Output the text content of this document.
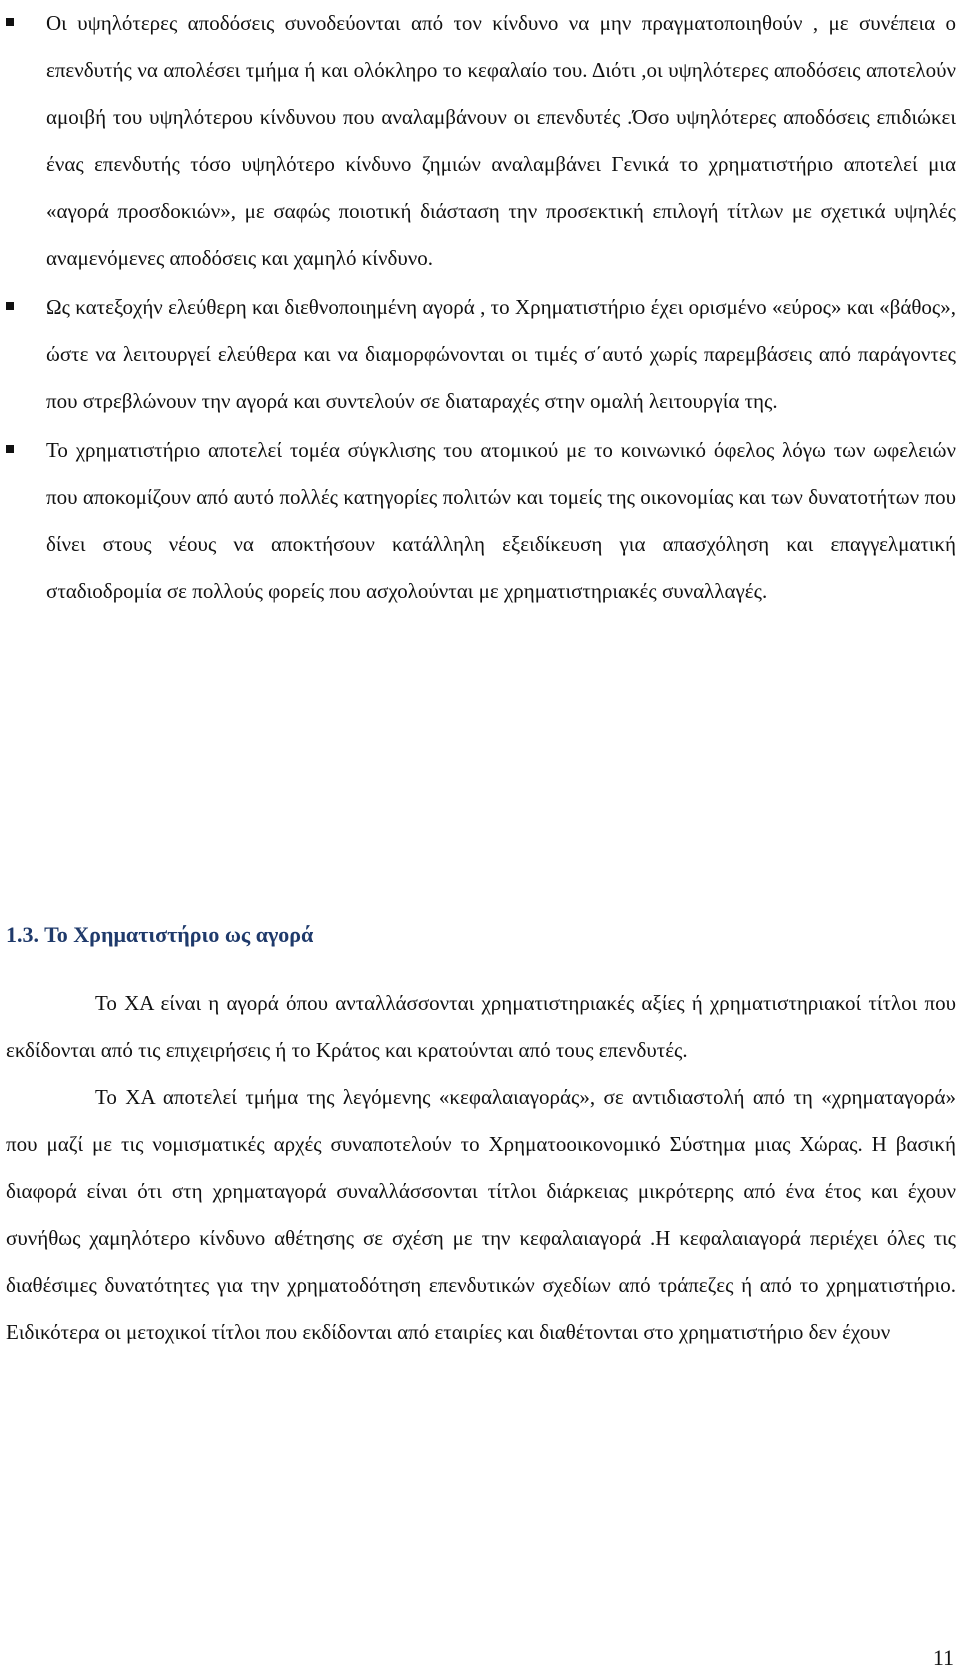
Οι υψηλότερες αποδόσεις συνοδεύονται από τον κίνδυνο να μην πραγματοποιηθούν , με συνέπεια ο επενδυτής να απολέσει τμήμα ή και ολόκληρο το κεφαλαίο του. Διότι ,οι υψηλότερες αποδόσεις αποτελούν αμοιβή του υψηλότερου κίνδυνου που αναλαμβάνουν οι επενδυτές .Όσο υψηλότερες αποδόσεις επιδιώκει ένας επενδυτής τόσο υψηλότερο κίνδυνο ζημιών αναλαμβάνει Γενικά το χρηματιστήριο αποτελεί μια «αγορά προσδοκιών», με σαφώς ποιοτική διάσταση την προσεκτική επιλογή τίτλων με σχετικά υψηλές αναμενόμενες αποδόσεις και χαμηλό κίνδυνο.

Ως κατεξοχήν ελεύθερη και διεθνοποιημένη αγορά , το Χρηματιστήριο έχει ορισμένο «εύρος» και «βάθος», ώστε να λειτουργεί ελεύθερα και να διαμορφώνονται οι τιμές σ΄αυτό χωρίς παρεμβάσεις από παράγοντες που στρεβλώνουν την αγορά και συντελούν σε διαταραχές στην ομαλή λειτουργία της.

Το χρηματιστήριο αποτελεί τομέα σύγκλισης του ατομικού με το κοινωνικό όφελος λόγω των ωφελειών που αποκομίζουν από αυτό πολλές κατηγορίες πολιτών και τομείς της οικονομίας και των δυνατοτήτων που δίνει στους νέους να αποκτήσουν κατάλληλη εξειδίκευση για απασχόληση και επαγγελματική σταδιοδρομία σε πολλούς φορείς που ασχολούνται με χρηματιστηριακές συναλλαγές.

1.3. Το Χρηματιστήριο ως αγορά

Το ΧΑ είναι η αγορά όπου ανταλλάσσονται χρηματιστηριακές αξίες ή χρηματιστηριακοί τίτλοι που εκδίδονται από τις επιχειρήσεις ή το Κράτος και κρατούνται από τους επενδυτές.

Το ΧΑ αποτελεί τμήμα της λεγόμενης «κεφαλαιαγοράς», σε αντιδιαστολή από τη «χρηματαγορά» που μαζί με τις νομισματικές αρχές συναποτελούν το Χρηματοοικονομικό Σύστημα μιας Χώρας. Η βασική διαφορά είναι ότι στη χρηματαγορά συναλλάσσονται τίτλοι διάρκειας μικρότερης από ένα έτος και έχουν συνήθως χαμηλότερο κίνδυνο αθέτησης σε σχέση με την κεφαλαιαγορά .Η κεφαλαιαγορά περιέχει όλες τις διαθέσιμες δυνατότητες για την χρηματοδότηση επενδυτικών σχεδίων από τράπεζες ή από το χρηματιστήριο. Ειδικότερα οι μετοχικοί τίτλοι που εκδίδονται από εταιρίες και διαθέτονται στο χρηματιστήριο δεν έχουν

11
